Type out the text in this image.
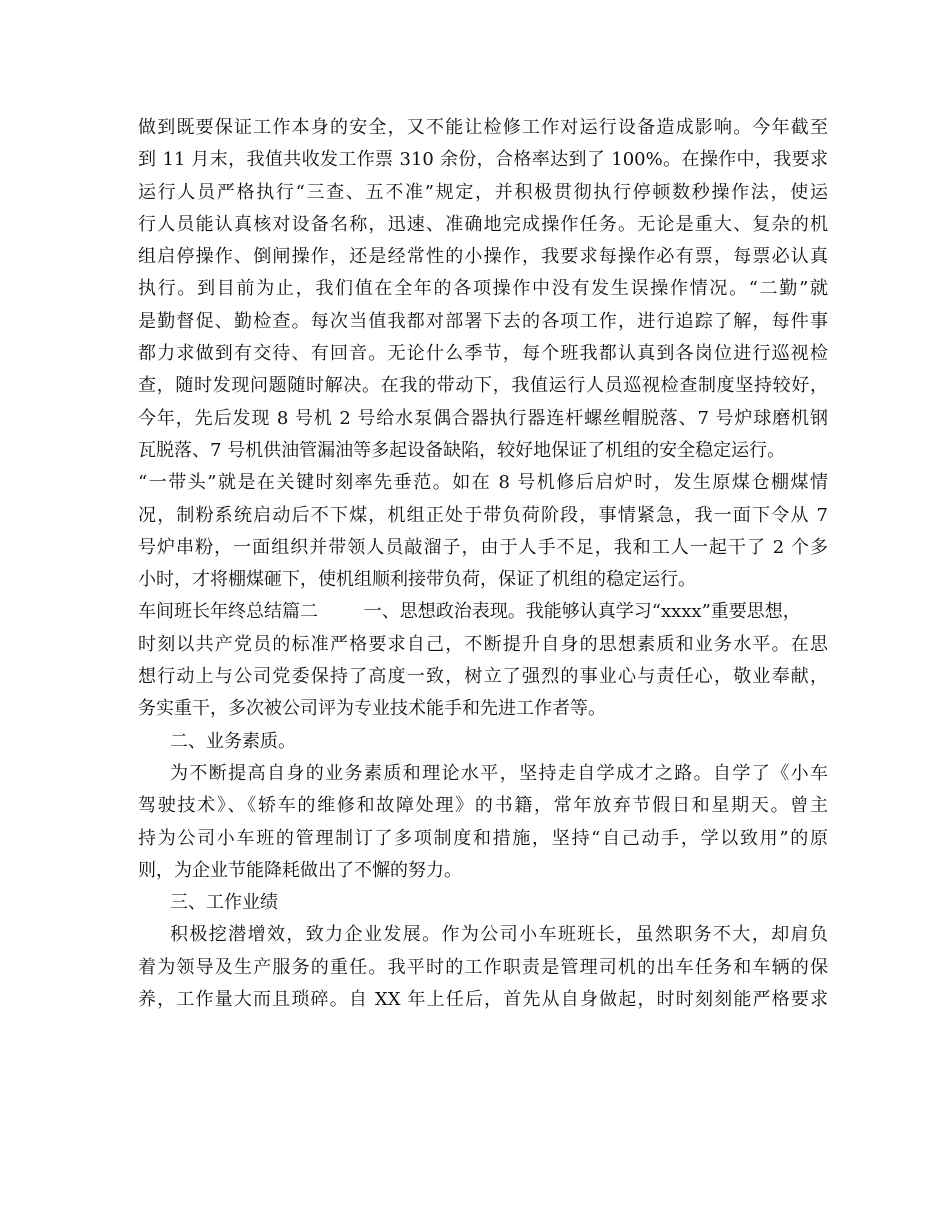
做到既要保证工作本身的安全，又不能让检修工作对运行设备造成影响。今年截至
到 11 月末，我值共收发工作票 310 余份，合格率达到了 100%。在操作中，我要求
运行人员严格执行“三查、五不准”规定，并积极贯彻执行停顿数秒操作法，使运
行人员能认真核对设备名称，迅速、准确地完成操作任务。无论是重大、复杂的机
组启停操作、倒闸操作，还是经常性的小操作，我要求每操作必有票，每票必认真
执行。到目前为止，我们值在全年的各项操作中没有发生误操作情况。“二勤”就
是勤督促、勤检查。每次当值我都对部署下去的各项工作，进行追踪了解，每件事
都力求做到有交待、有回音。无论什么季节，每个班我都认真到各岗位进行巡视检
查，随时发现问题随时解决。在我的带动下，我值运行人员巡视检查制度坚持较好，
今年，先后发现 8 号机 2 号给水泵偶合器执行器连杆螺丝帽脱落、7 号炉球磨机钢
瓦脱落、7 号机供油管漏油等多起设备缺陷，较好地保证了机组的安全稳定运行。
“一带头”就是在关键时刻率先垂范。如在 8 号机修后启炉时，发生原煤仓棚煤情
况，制粉系统启动后不下煤，机组正处于带负荷阶段，事情紧急，我一面下令从 7
号炉串粉，一面组织并带领人员敲溜子，由于人手不足，我和工人一起干了 2 个多
小时，才将棚煤砸下，使机组顺利接带负荷，保证了机组的稳定运行。
车间班长年终总结篇二        一、思想政治表现。我能够认真学习“xxxx”重要思想，
时刻以共产党员的标准严格要求自己，不断提升自身的思想素质和业务水平。在思
想行动上与公司党委保持了高度一致，树立了强烈的事业心与责任心，敬业奉献，
务实重干，多次被公司评为专业技术能手和先进工作者等。
二、业务素质。
为不断提高自身的业务素质和理论水平，坚持走自学成才之路。自学了《小车
驾驶技术》、《轿车的维修和故障处理》的书籍，常年放弃节假日和星期天。曾主
持为公司小车班的管理制订了多项制度和措施，坚持“自己动手，学以致用”的原
则，为企业节能降耗做出了不懈的努力。
三、工作业绩
积极挖潜增效，致力企业发展。作为公司小车班班长，虽然职务不大，却肩负
着为领导及生产服务的重任。我平时的工作职责是管理司机的出车任务和车辆的保
养，工作量大而且琐碎。自 XX 年上任后，首先从自身做起，时时刻刻能严格要求
